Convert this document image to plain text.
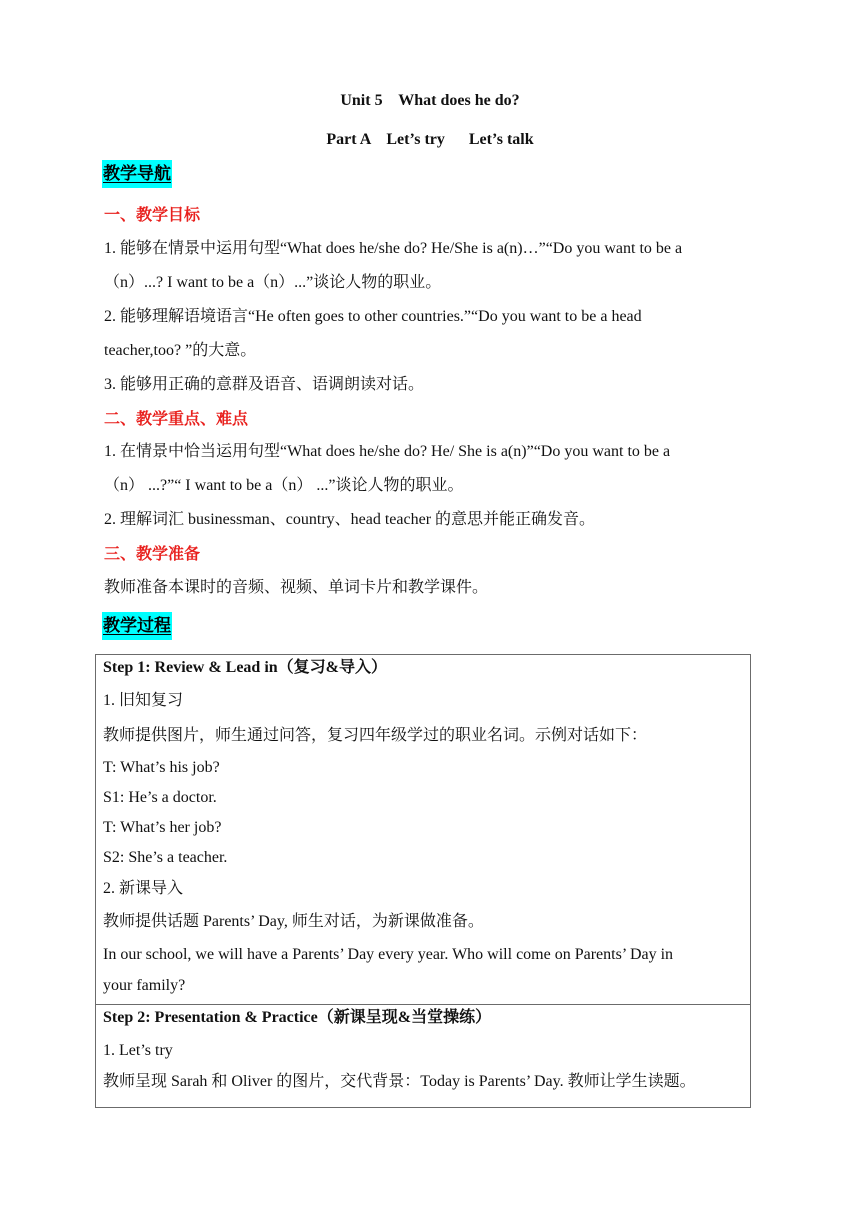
Unit 5    What does he do?
Part A    Let’s try      Let’s talk
教学导航
一、教学目标
1. 能够在情景中运用句型“What does he/she do? He/She is a(n)…”“Do you want to be a
（n）...? I want to be a（n）...”谈论人物的职业。
2. 能够理解语境语言“He often goes to other countries.”“Do you want to be a head
teacher,too? ”的大意。
3. 能够用正确的意群及语音、语调朗读对话。
二、教学重点、难点
1. 在情景中恰当运用句型“What does he/she do? He/ She is a(n)”“Do you want to be a
（n） ...?”“ I want to be a（n） ...”谈论人物的职业。
2. 理解词汇 businessman、country、head teacher 的意思并能正确发音。
三、教学准备
教师准备本课时的音频、视频、单词卡片和教学课件。
教学过程
Step 1: Review & Lead in（复习&导入）
1. 旧知复习
教师提供图片，师生通过问答，复习四年级学过的职业名词。示例对话如下：
T: What’s his job?
S1: He’s a doctor.
T: What’s her job?
S2: She’s a teacher.
2. 新课导入
教师提供话题 Parents’ Day, 师生对话，为新课做准备。
In our school, we will have a Parents’ Day every year. Who will come on Parents’ Day in
your family?
Step 2: Presentation & Practice（新课呈现&当堂操练）
1. Let’s try
教师呈现 Sarah 和 Oliver 的图片，交代背景：Today is Parents’ Day. 教师让学生读题。
